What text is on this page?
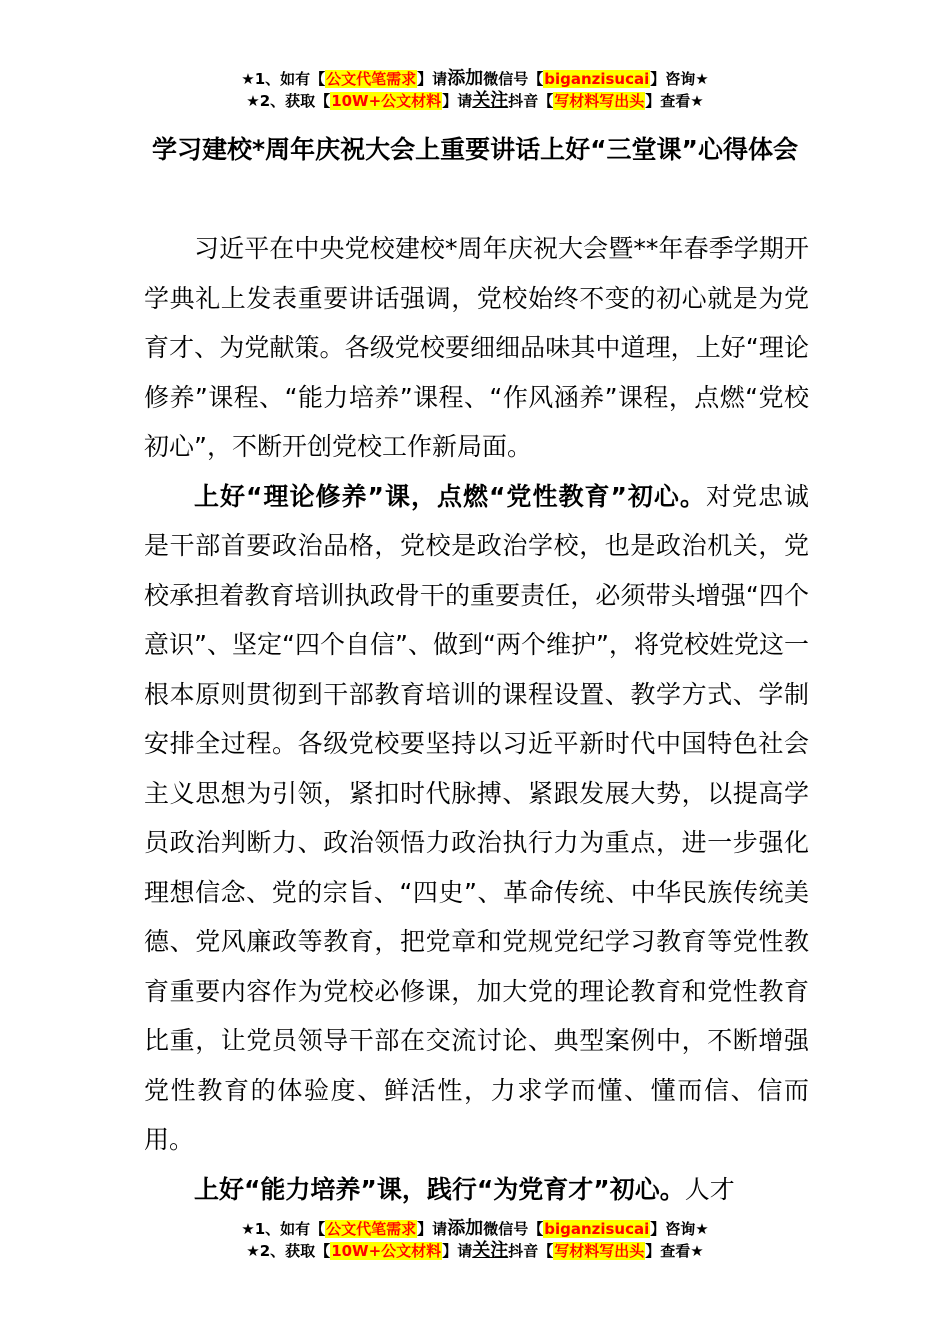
★1、如有【公文代笔需求】请添加微信号【biganzisucai】咨询★
★2、获取【10W+公文材料】请关注抖音【写材料写出头】查看★
学习建校*周年庆祝大会上重要讲话上好“三堂课”心得体会

习近平在中央党校建校*周年庆祝大会暨**年春季学期开学典礼上发表重要讲话强调，党校始终不变的初心就是为党育才、为党献策。各级党校要细细品味其中道理，上好“理论修养”课程、“能力培养”课程、“作风涵养”课程，点燃“党校初心”，不断开创党校工作新局面。

上好“理论修养”课，点燃“党性教育”初心。对党忠诚是干部首要政治品格，党校是政治学校，也是政治机关，党校承担着教育培训执政骨干的重要责任，必须带头增强“四个意识”、坚定“四个自信”、做到“两个维护”，将党校姓党这一根本原则贯彻到干部教育培训的课程设置、教学方式、学制安排全过程。各级党校要坚持以习近平新时代中国特色社会主义思想为引领，紧扣时代脉搏、紧跟发展大势，以提高学员政治判断力、政治领悟力政治执行力为重点，进一步强化理想信念、党的宗旨、“四史”、革命传统、中华民族传统美德、党风廉政等教育，把党章和党规党纪学习教育等党性教育重要内容作为党校必修课，加大党的理论教育和党性教育比重，让党员领导干部在交流讨论、典型案例中，不断增强党性教育的体验度、鲜活性，力求学而懂、懂而信、信而用。

上好“能力培养”课，践行“为党育才”初心。人才

★1、如有【公文代笔需求】请添加微信号【biganzisucai】咨询★
★2、获取【10W+公文材料】请关注抖音【写材料写出头】查看★
